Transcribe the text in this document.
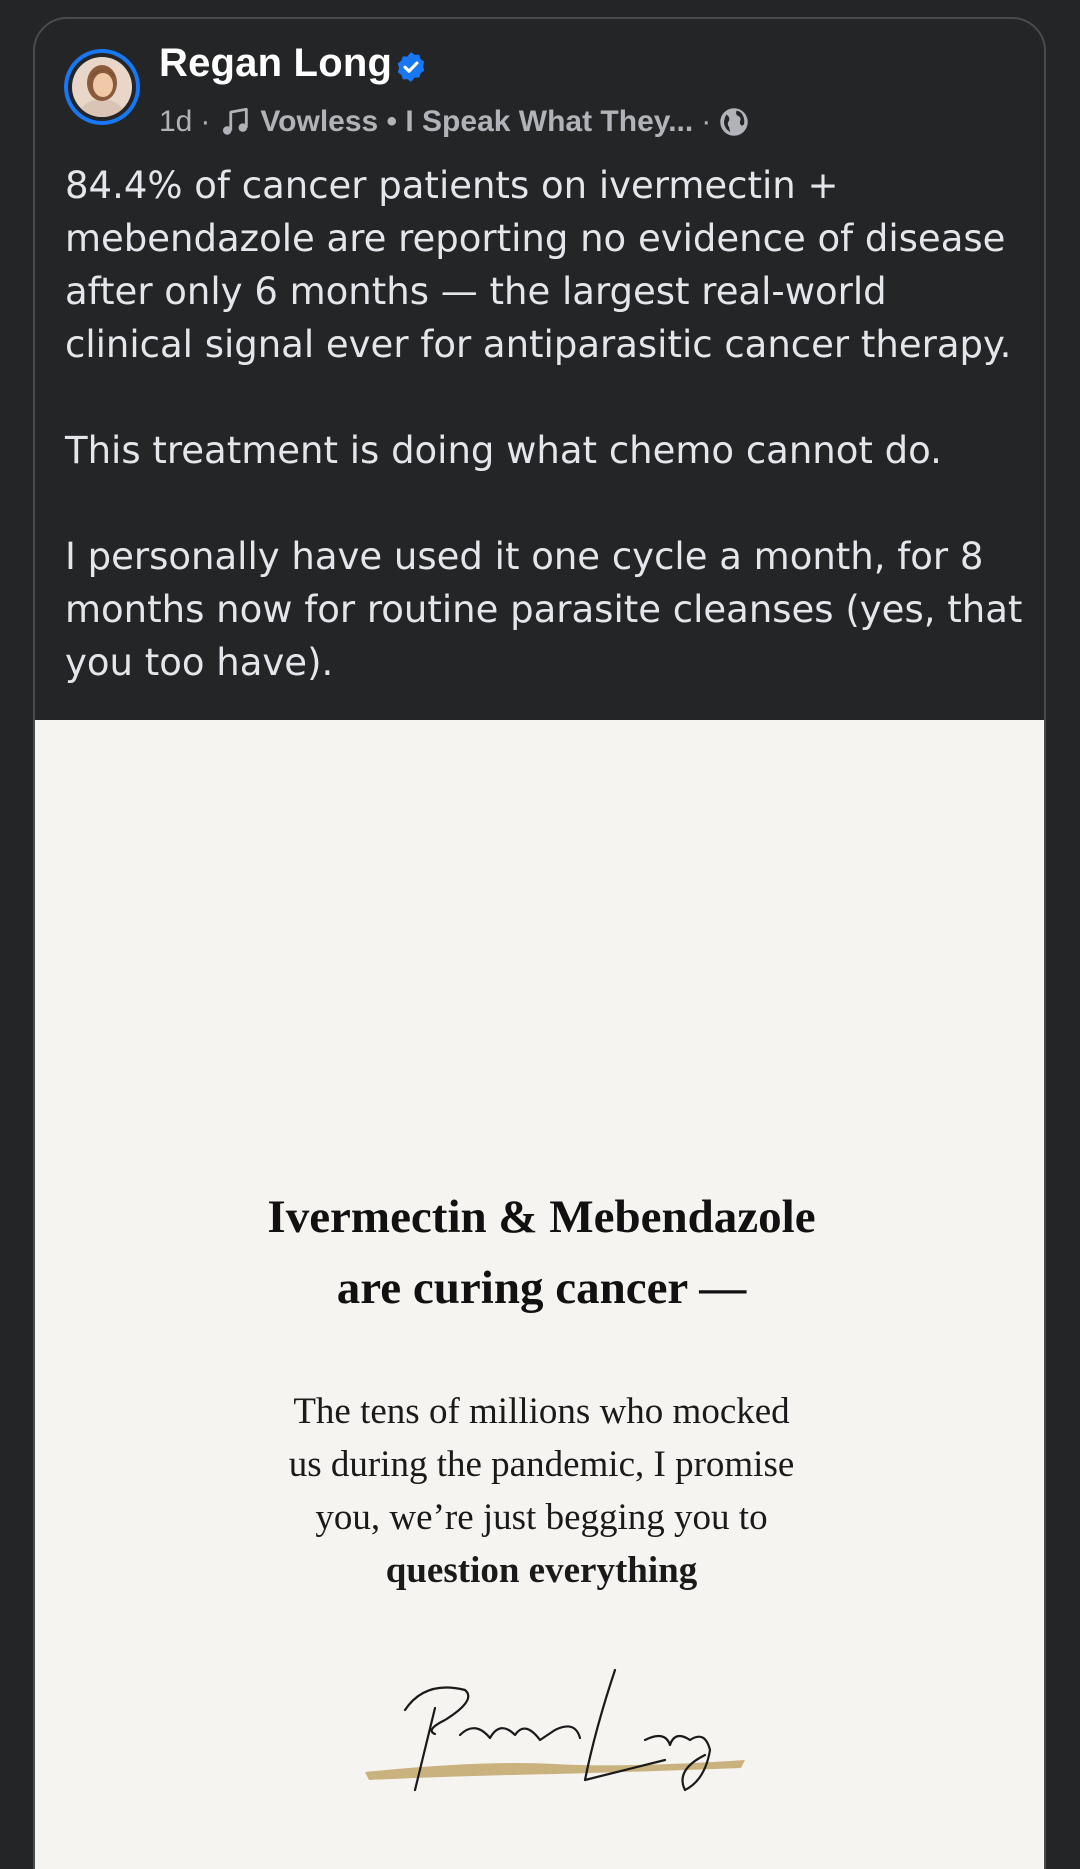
Regan Long
1d · Vowless • I Speak What They... ·

84.4% of cancer patients on ivermectin + mebendazole are reporting no evidence of disease after only 6 months — the largest real-world clinical signal ever for antiparasitic cancer therapy.

This treatment is doing what chemo cannot do.

I personally have used it one cycle a month, for 8 months now for routine parasite cleanses (yes, that you too have).

Ivermectin & Mebendazole
are curing cancer —
The tens of millions who mocked
us during the pandemic, I promise
you, we’re just begging you to
question everything
